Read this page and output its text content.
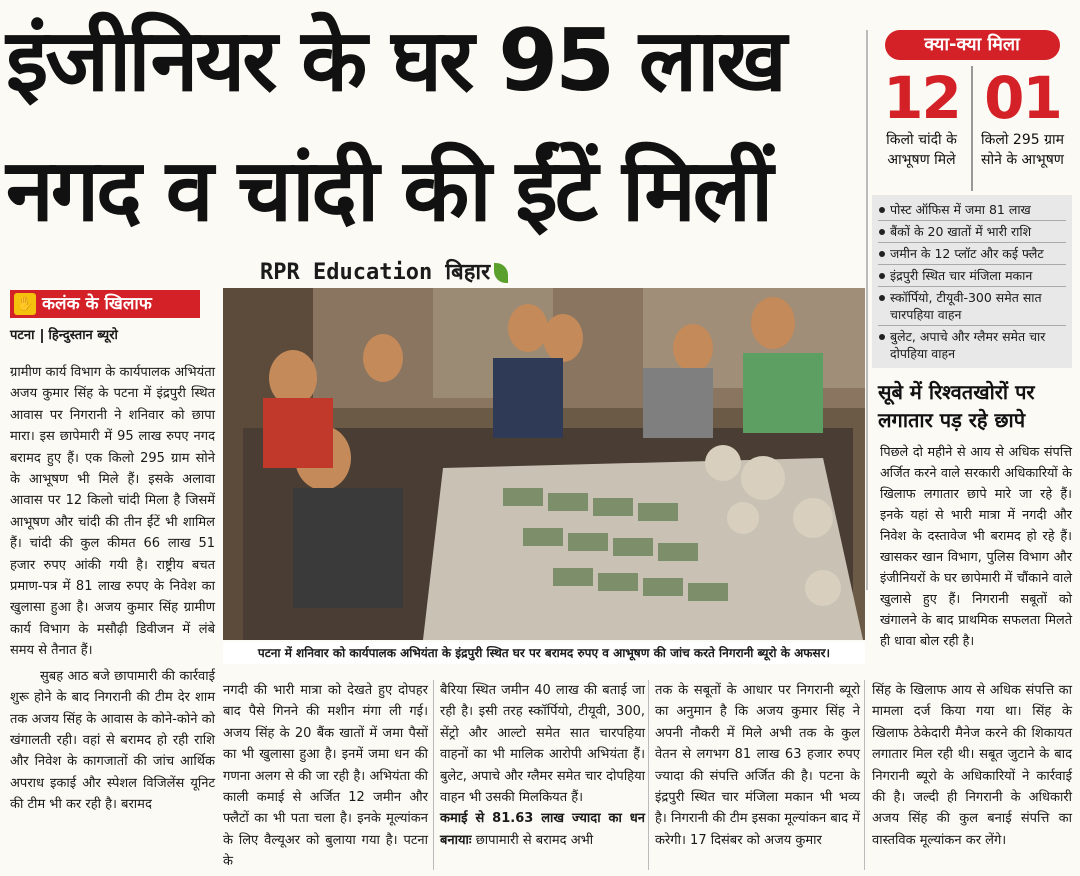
इंजीनियर के घर 95 लाख
नगद व चांदी की ईंटें मिलीं
क्या-क्या मिला
12
किलो चांदी के
आभूषण मिले
01
किलो 295 ग्राम
सोने के आभूषण
पोस्ट ऑफिस में जमा 81 लाख
बैंकों के 20 खातों में भारी राशि
जमीन के 12 प्लॉट और कई फ्लैट
इंद्रपुरी स्थित चार मंजिला मकान
स्कॉर्पियो, टीयूवी-300 समेत सात चारपहिया वाहन
बुलेट, अपाचे और ग्लैमर समेत चार दोपहिया वाहन
सूबे में रिश्वतखोरों पर
लगातार पड़ रहे छापे
पिछले दो महीने से आय से अधिक संपत्ति अर्जित करने वाले सरकारी अधिकारियों के खिलाफ लगातार छापे मारे जा रहे हैं। इनके यहां से भारी मात्रा में नगदी और निवेश के दस्तावेज भी बरामद हो रहे हैं। खासकर खान विभाग, पुलिस विभाग और इंजीनियरों के घर छापेमारी में चौंकाने वाले खुलासे हुए हैं। निगरानी सबूतों को खंगालने के बाद प्राथमिक सफलता मिलते ही धावा बोल रही है।
✋ कलंक के खिलाफ
पटना हिन्दुस्तान ब्यूरो

ग्रामीण कार्य विभाग के कार्यपालक अभियंता अजय कुमार सिंह के पटना में इंद्रपुरी स्थित आवास पर निगरानी ने शनिवार को छापा मारा। इस छापेमारी में 95 लाख रुपए नगद बरामद हुए हैं। एक किलो 295 ग्राम सोने के आभूषण भी मिले हैं। इसके अलावा आवास पर 12 किलो चांदी मिला है जिसमें आभूषण और चांदी की तीन ईंटें भी शामिल हैं। चांदी की कुल कीमत 66 लाख 51 हजार रुपए आंकी गयी है। राष्ट्रीय बचत प्रमाण-पत्र में 81 लाख रुपए के निवेश का खुलासा हुआ है। अजय कुमार सिंह ग्रामीण कार्य विभाग के मसौढ़ी डिवीजन में लंबे समय से तैनात हैं।

सुबह आठ बजे छापामारी की कार्रवाई शुरू होने के बाद निगरानी की टीम देर शाम तक अजय सिंह के आवास के कोने-कोने को खंगालती रही। वहां से बरामद हो रही राशि और निवेश के कागजातों की जांच आर्थिक अपराध इकाई और स्पेशल विजिलेंस यूनिट की टीम भी कर रही है। बरामद

RPR Education बिहार
पटना में शनिवार को कार्यपालक अभियंता के इंद्रपुरी स्थित घर पर बरामद रुपए व आभूषण की जांच करते निगरानी ब्यूरो के अफसर।

नगदी की भारी मात्रा को देखते हुए दोपहर बाद पैसे गिनने की मशीन मंगा ली गई। अजय सिंह के 20 बैंक खातों में जमा पैसों का भी खुलासा हुआ है। इनमें जमा धन की गणना अलग से की जा रही है। अभियंता की काली कमाई से अर्जित 12 जमीन और फ्लैटों का भी पता चला है। इनके मूल्यांकन के लिए वैल्यूअर को बुलाया गया है। पटना के

बैरिया स्थित जमीन 40 लाख की बताई जा रही है। इसी तरह स्कॉर्पियो, टीयूवी, 300, सेंट्रो और आल्टो समेत सात चारपहिया वाहनों का भी मालिक आरोपी अभियंता हैं। बुलेट, अपाचे और ग्लैमर समेत चार दोपहिया वाहन भी उसकी मिलकियत हैं।

कमाई से 81.63 लाख ज्यादा का धन बनायाः छापामारी से बरामद अभी

तक के सबूतों के आधार पर निगरानी ब्यूरो का अनुमान है कि अजय कुमार सिंह ने अपनी नौकरी में मिले अभी तक के कुल वेतन से लगभग 81 लाख 63 हजार रुपए ज्यादा की संपत्ति अर्जित की है। पटना के इंद्रपुरी स्थित चार मंजिला मकान भी भव्य है। निगरानी की टीम इसका मूल्यांकन बाद में करेगी। 17 दिसंबर को अजय कुमार

सिंह के खिलाफ आय से अधिक संपत्ति का मामला दर्ज किया गया था। सिंह के खिलाफ ठेकेदारी मैनेज करने की शिकायत लगातार मिल रही थी। सबूत जुटाने के बाद निगरानी ब्यूरो के अधिकारियों ने कार्रवाई की है। जल्दी ही निगरानी के अधिकारी अजय सिंह की कुल बनाई संपत्ति का वास्तविक मूल्यांकन कर लेंगे।
